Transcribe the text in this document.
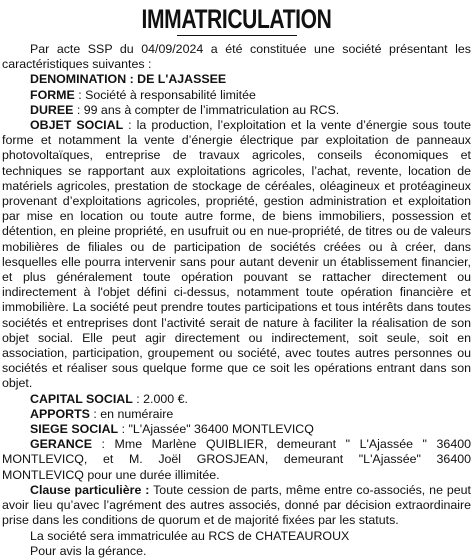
IMMATRICULATION

Par acte SSP du 04/09/2024 a été constituée une société présentant les caractéristiques suivantes :

DENOMINATION : DE L'AJASSEE

FORME : Société à responsabilité limitée

DUREE : 99 ans à compter de l’immatriculation au RCS.

OBJET SOCIAL : la production, l’exploitation et la vente d’énergie sous toute forme et notamment la vente d’énergie électrique par exploitation de panneaux photovoltaïques, entreprise de travaux agricoles, conseils économiques et techniques se rapportant aux exploitations agricoles, l’achat, revente, location de matériels agricoles, prestation de stockage de céréales, oléagineux et protéagineux provenant d’exploitations agricoles, propriété, gestion administration et exploitation par mise en location ou toute autre forme, de biens immobiliers, possession et détention, en pleine propriété, en usufruit ou en nue-propriété, de titres ou de valeurs mobilières de filiales ou de participation de sociétés créées ou à créer, dans lesquelles elle pourra intervenir sans pour autant devenir un établissement financier, et plus généralement toute opération pouvant se rattacher directement ou indirectement à l'objet défini ci-dessus, notamment toute opération financière et immobilière. La société peut prendre toutes participations et tous intérêts dans toutes sociétés et entreprises dont l’activité serait de nature à faciliter la réalisation de son objet social. Elle peut agir directement ou indirectement, soit seule, soit en association, participation, groupement ou société, avec toutes autres personnes ou sociétés et réaliser sous quelque forme que ce soit les opérations entrant dans son objet.

CAPITAL SOCIAL : 2.000 €.

APPORTS : en numéraire

SIEGE SOCIAL : "L'Ajassée" 36400 MONTLEVICQ

GERANCE : Mme Marlène QUIBLIER, demeurant " L'Ajassée " 36400 MONTLEVICQ, et M. Joël GROSJEAN, demeurant "L'Ajassée" 36400 MONTLEVICQ pour une durée illimitée.

Clause particulière : Toute cession de parts, même entre co-associés, ne peut avoir lieu qu’avec l’agrément des autres associés, donné par décision extraordinaire prise dans les conditions de quorum et de majorité fixées par les statuts.

La société sera immatriculée au RCS de CHATEAUROUX

Pour avis la gérance.
